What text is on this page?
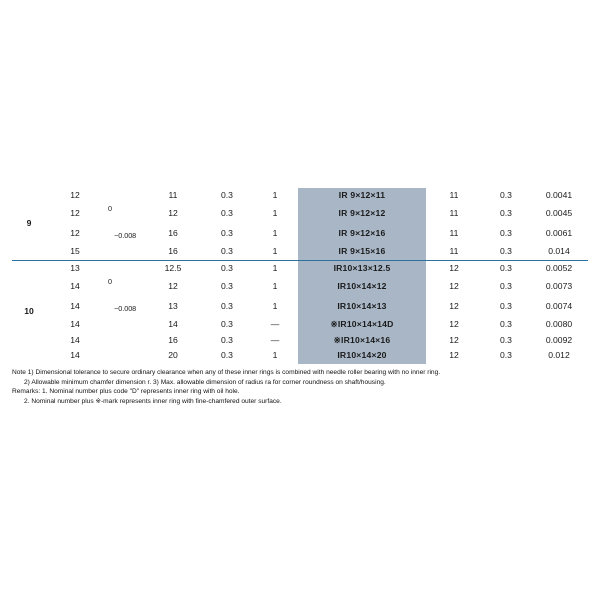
9	12		11	0.3	1	IR 9×12×11	11	0.3	0.0041
	12	0	12	0.3	1	IR 9×12×12	11	0.3	0.0045
	12	−0.008	16	0.3	1	IR 9×12×16	11	0.3	0.0061
	15		16	0.3	1	IR 9×15×16	11	0.3	0.014
10	13		12.5	0.3	1	IR10×13×12.5	12	0.3	0.0052
	14	0	12	0.3	1	IR10×14×12	12	0.3	0.0073
	14	−0.008	13	0.3	1	IR10×14×13	12	0.3	0.0074
	14		14	0.3	—	※IR10×14×14D	12	0.3	0.0080
	14		16	0.3	—	※IR10×14×16	12	0.3	0.0092
	14		20	0.3	1	IR10×14×20	12	0.3	0.012
Note 1) Dimensional tolerance to secure ordinary clearance when any of these inner rings is combined with needle roller bearing with no inner ring.
2) Allowable minimum chamfer dimension r. 3) Max. allowable dimension of radius ra for corner roundness on shaft/housing.
Remarks: 1. Nominal number plus code "D" represents inner ring with oil hole.
2. Nominal number plus ※-mark represents inner ring with fine-chamfered outer surface.
